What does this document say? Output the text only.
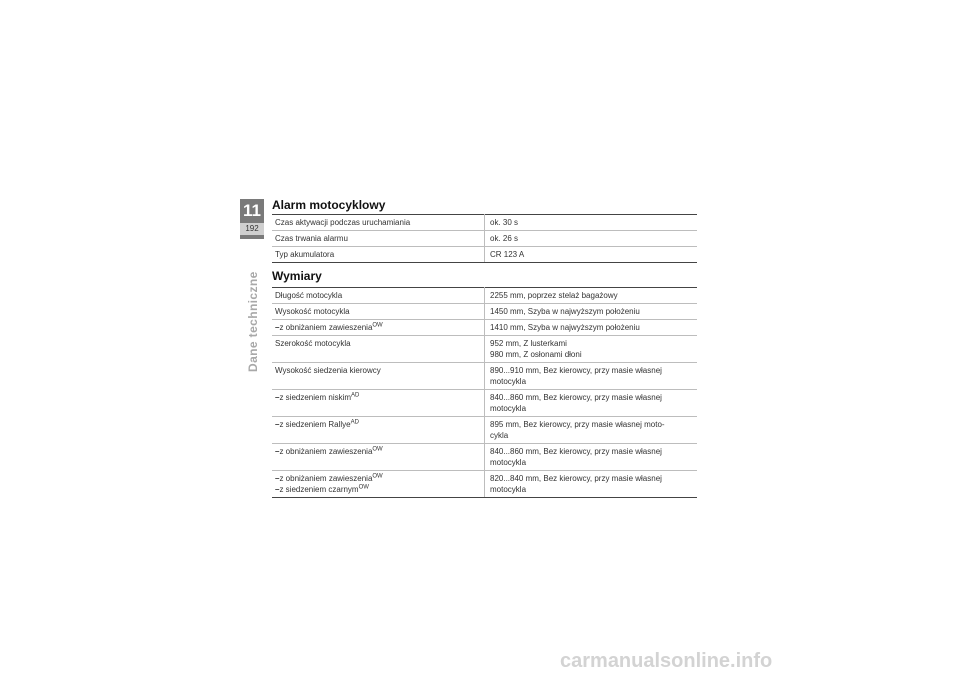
11
192
Dane techniczne
Alarm motocyklowy
Czas aktywacji podczas uruchamiania	ok. 30 s
Czas trwania alarmu	ok. 26 s
Typ akumulatora	CR 123 A
Wymiary
Długość motocykla	2255 mm, poprzez stelaż bagażowy
Wysokość motocykla	1450 mm, Szyba w najwyższym położeniu

– z obniżaniem zawieszenia$^{OW}$	1410 mm, Szyba w najwyższym położeniu
Szerokość motocykla	952 mm, Z lusterkami
980 mm, Z osłonami dłoni

Wysokość siedzenia kierowcy	890...910 mm, Bez kierowcy, przy masie własnej
motocykla

– z siedzeniem niskim$^{AD}$	840...860 mm, Bez kierowcy, przy masie własnej
motocykla

– z siedzeniem Rallye$^{AD}$	895 mm, Bez kierowcy, przy masie własnej moto-
cykla

– z obniżaniem zawieszenia$^{OW}$	840...860 mm, Bez kierowcy, przy masie własnej
motocykla

– z obniżaniem zawieszenia$^{OW}$
– z siedzeniem czarnym$^{OW}$	820...840 mm, Bez kierowcy, przy masie własnej
motocykla
carmanualsonline.info
